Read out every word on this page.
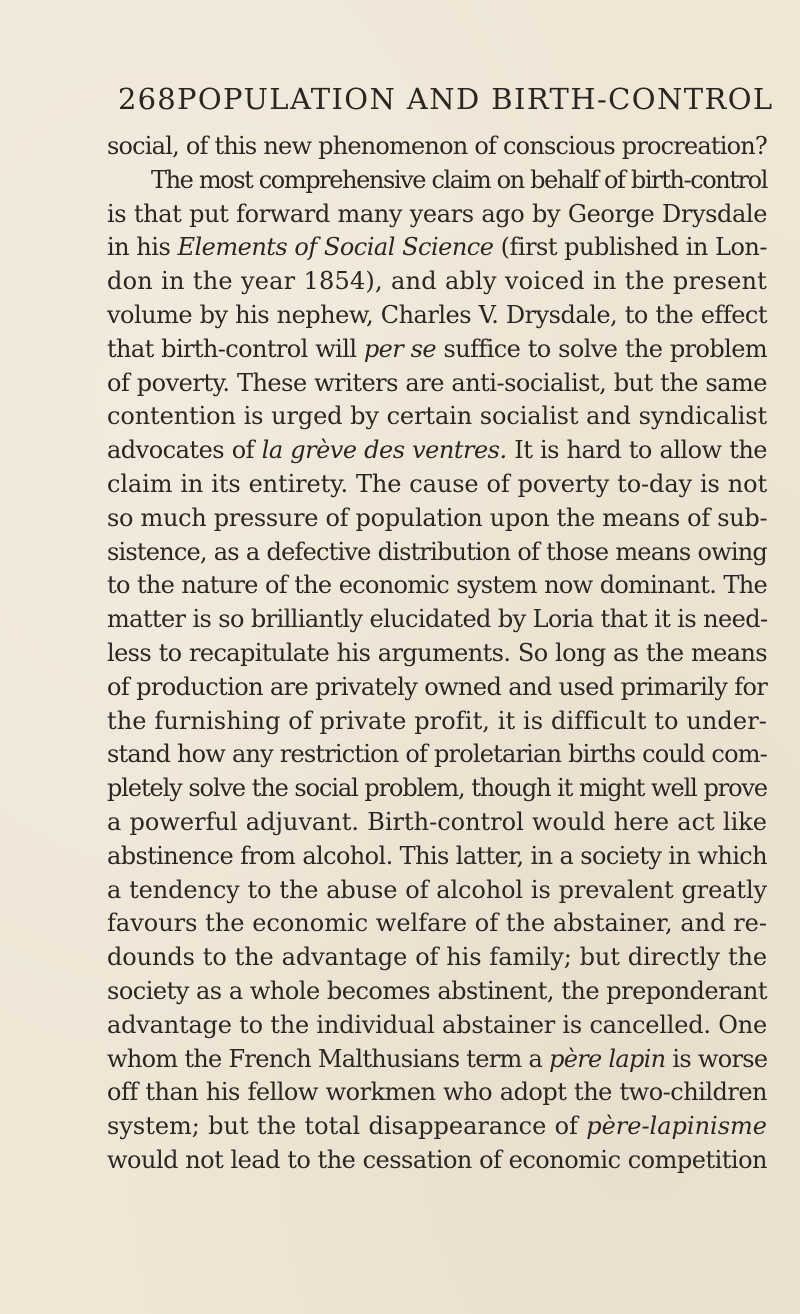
268 POPULATION AND BIRTH-CONTROL
social, of this new phenomenon of conscious procreation?
The most comprehensive claim on behalf of birth-control
is that put forward many years ago by George Drysdale
in his Elements of Social Science (first published in Lon-
don in the year 1854), and ably voiced in the present
volume by his nephew, Charles V. Drysdale, to the effect
that birth-control will per se suffice to solve the problem
of poverty. These writers are anti-socialist, but the same
contention is urged by certain socialist and syndicalist
advocates of la grève des ventres. It is hard to allow the
claim in its entirety. The cause of poverty to-day is not
so much pressure of population upon the means of sub-
sistence, as a defective distribution of those means owing
to the nature of the economic system now dominant. The
matter is so brilliantly elucidated by Loria that it is need-
less to recapitulate his arguments. So long as the means
of production are privately owned and used primarily for
the furnishing of private profit, it is difficult to under-
stand how any restriction of proletarian births could com-
pletely solve the social problem, though it might well prove
a powerful adjuvant. Birth-control would here act like
abstinence from alcohol. This latter, in a society in which
a tendency to the abuse of alcohol is prevalent greatly
favours the economic welfare of the abstainer, and re-
dounds to the advantage of his family; but directly the
society as a whole becomes abstinent, the preponderant
advantage to the individual abstainer is cancelled. One
whom the French Malthusians term a père lapin is worse
off than his fellow workmen who adopt the two-children
system; but the total disappearance of père-lapinisme
would not lead to the cessation of economic competition
